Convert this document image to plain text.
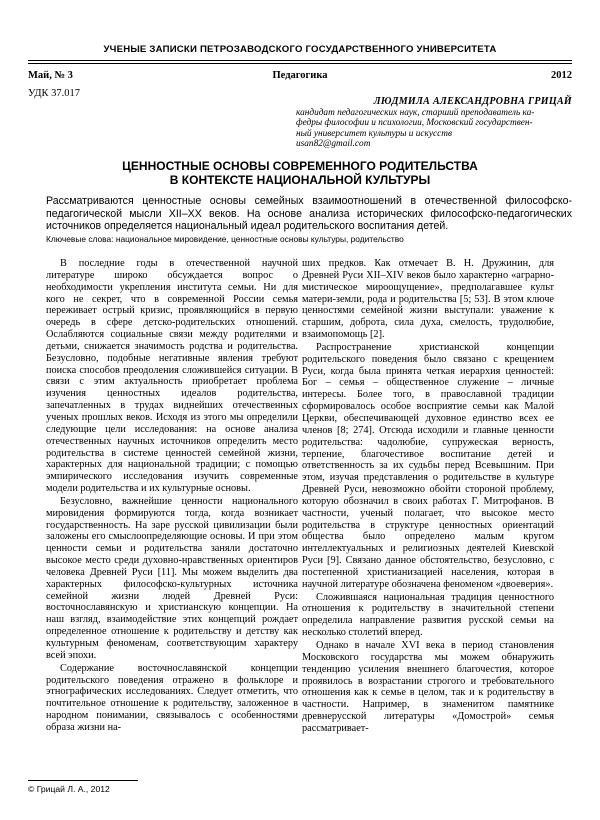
УЧЕНЫЕ ЗАПИСКИ ПЕТРОЗАВОДСКОГО ГОСУДАРСТВЕННОГО УНИВЕРСИТЕТА
Май, № 3	Педагогика	2012
УДК 37.017
ЛЮДМИЛА АЛЕКСАНДРОВНА ГРИЦАЙ
кандидат педагогических наук, старший преподаватель ка-
федры философии и психологии, Московский государствен-
ный университет культуры и искусств
usan82@gmail.com
ЦЕННОСТНЫЕ ОСНОВЫ СОВРЕМЕННОГО РОДИТЕЛЬСТВА
В КОНТЕКСТЕ НАЦИОНАЛЬНОЙ КУЛЬТУРЫ
Рассматриваются ценностные основы семейных взаимоотношений в отечественной философско-педагогической мысли XII–XX веков. На основе анализа исторических философско-педагогических источников определяется национальный идеал родительского воспитания детей.
Ключевые слова: национальное мировидение, ценностные основы культуры, родительство

В последние годы в отечественной научной литературе широко обсуждается вопрос о необходимости укрепления института семьи. Ни для кого не секрет, что в современной России семья переживает острый кризис, проявляющийся в первую очередь в сфере детско-родительских отношений. Ослабляются социальные связи между родителями и детьми, снижается значимость родства и родительства. Безусловно, подобные негативные явления требуют поиска способов преодоления сложившейся ситуации. В связи с этим актуальность приобретает проблема изучения ценностных идеалов родительства, запечатленных в трудах виднейших отечественных ученых прошлых веков. Исходя из этого мы определили следующие цели исследования: на основе анализа отечественных научных источников определить место родительства в системе ценностей семейной жизни, характерных для национальной традиции; с помощью эмпирического исследования изучить современные модели родительства и их культурные основы.

Безусловно, важнейшие ценности национального мировидения формируются тогда, когда возникает государственность. На заре русской цивилизации были заложены его смыслоопределяющие основы. И при этом ценности семьи и родительства заняли достаточно высокое место среди духовно-нравственных ориентиров человека Древней Руси [11]. Мы можем выделить два характерных философско-культурных источника семейной жизни людей Древней Руси: восточнославянскую и христианскую концепции. На наш взгляд, взаимодействие этих концепций рождает определенное отношение к родительству и детству как культурным феноменам, соответствующим характеру всей эпохи.

Содержание восточнославянской концепции родительского поведения отражено в фольклоре и этнографических исследованиях. Следует отметить, что почтительное отношение к родительству, заложенное в народном понимании, связывалось с особенностями образа жизни на-

ших предков. Как отмечает В. Н. Дружинин, для Древней Руси XII–XIV веков было характерно «аграрно-мистическое мироощущение», предполагавшее культ матери-земли, рода и родительства [5; 53]. В этом ключе ценностями семейной жизни выступали: уважение к старшим, доброта, сила духа, смелость, трудолюбие, взаимопомощь [2].

Распространение христианской концепции родительского поведения было связано с крещением Руси, когда была принята четкая иерархия ценностей: Бог – семья – общественное служение – личные интересы. Более того, в православной традиции сформировалось особое восприятие семьи как Малой Церкви, обеспечивающей духовное единство всех ее членов [8; 274]. Отсюда исходили и главные ценности родительства: чадолюбие, супружеская верность, терпение, благочестивое воспитание детей и ответственность за их судьбы перед Всевышним. При этом, изучая представления о родительстве в культуре Древней Руси, невозможно обойти стороной проблему, которую обозначил в своих работах Г. Митрофанов. В частности, ученый полагает, что высокое место родительства в структуре ценностных ориентаций общества было определено малым кругом интеллектуальных и религиозных деятелей Киевской Руси [9]. Связано данное обстоятельство, безусловно, с постепенной христианизацией населения, которая в научной литературе обозначена феноменом «двоеверия».

Сложившаяся национальная традиция ценностного отношения к родительству в значительной степени определила направление развития русской семьи на несколько столетий вперед.

Однако в начале XVI века в период становления Московского государства мы можем обнаружить тенденцию усиления внешнего благочестия, которое проявилось в возрастании строгого и требовательного отношения как к семье в целом, так и к родительству в частности. Например, в знаменитом памятнике древнерусской литературы «Домострой» семья рассматривает-

© Грицай Л. А., 2012
